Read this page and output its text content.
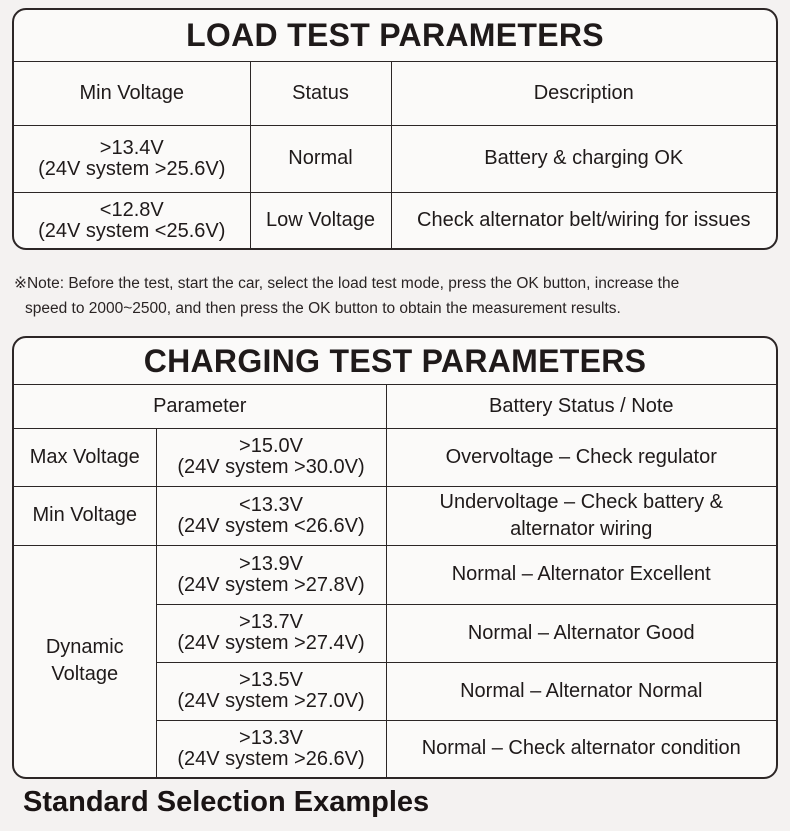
LOAD TEST PARAMETERS
Min Voltage	Status	Description

>13.4V
(24V system >25.6V)	Normal	Battery & charging OK

<12.8V
(24V system <25.6V)	Low Voltage	Check alternator belt/wiring for issues
※Note: Before the test, start the car, select the load test mode, press the OK button, increase the
speed to 2000~2500, and then press the OK button to obtain the measurement results.
CHARGING TEST PARAMETERS
Parameter		Battery Status / Note
Max Voltage	>15.0V
(24V system >30.0V)	Overvoltage – Check regulator
Min Voltage	<13.3V
(24V system <26.6V)	Undervoltage – Check battery &
alternator wiring

Dynamic
Voltage	>13.9V
(24V system >27.8V)	Normal – Alternator Excellent

	>13.7V
(24V system >27.4V)	Normal – Alternator Good

	>13.5V
(24V system >27.0V)	Normal – Alternator Normal

	>13.3V
(24V system >26.6V)	Normal – Check alternator condition
Standard Selection Examples
